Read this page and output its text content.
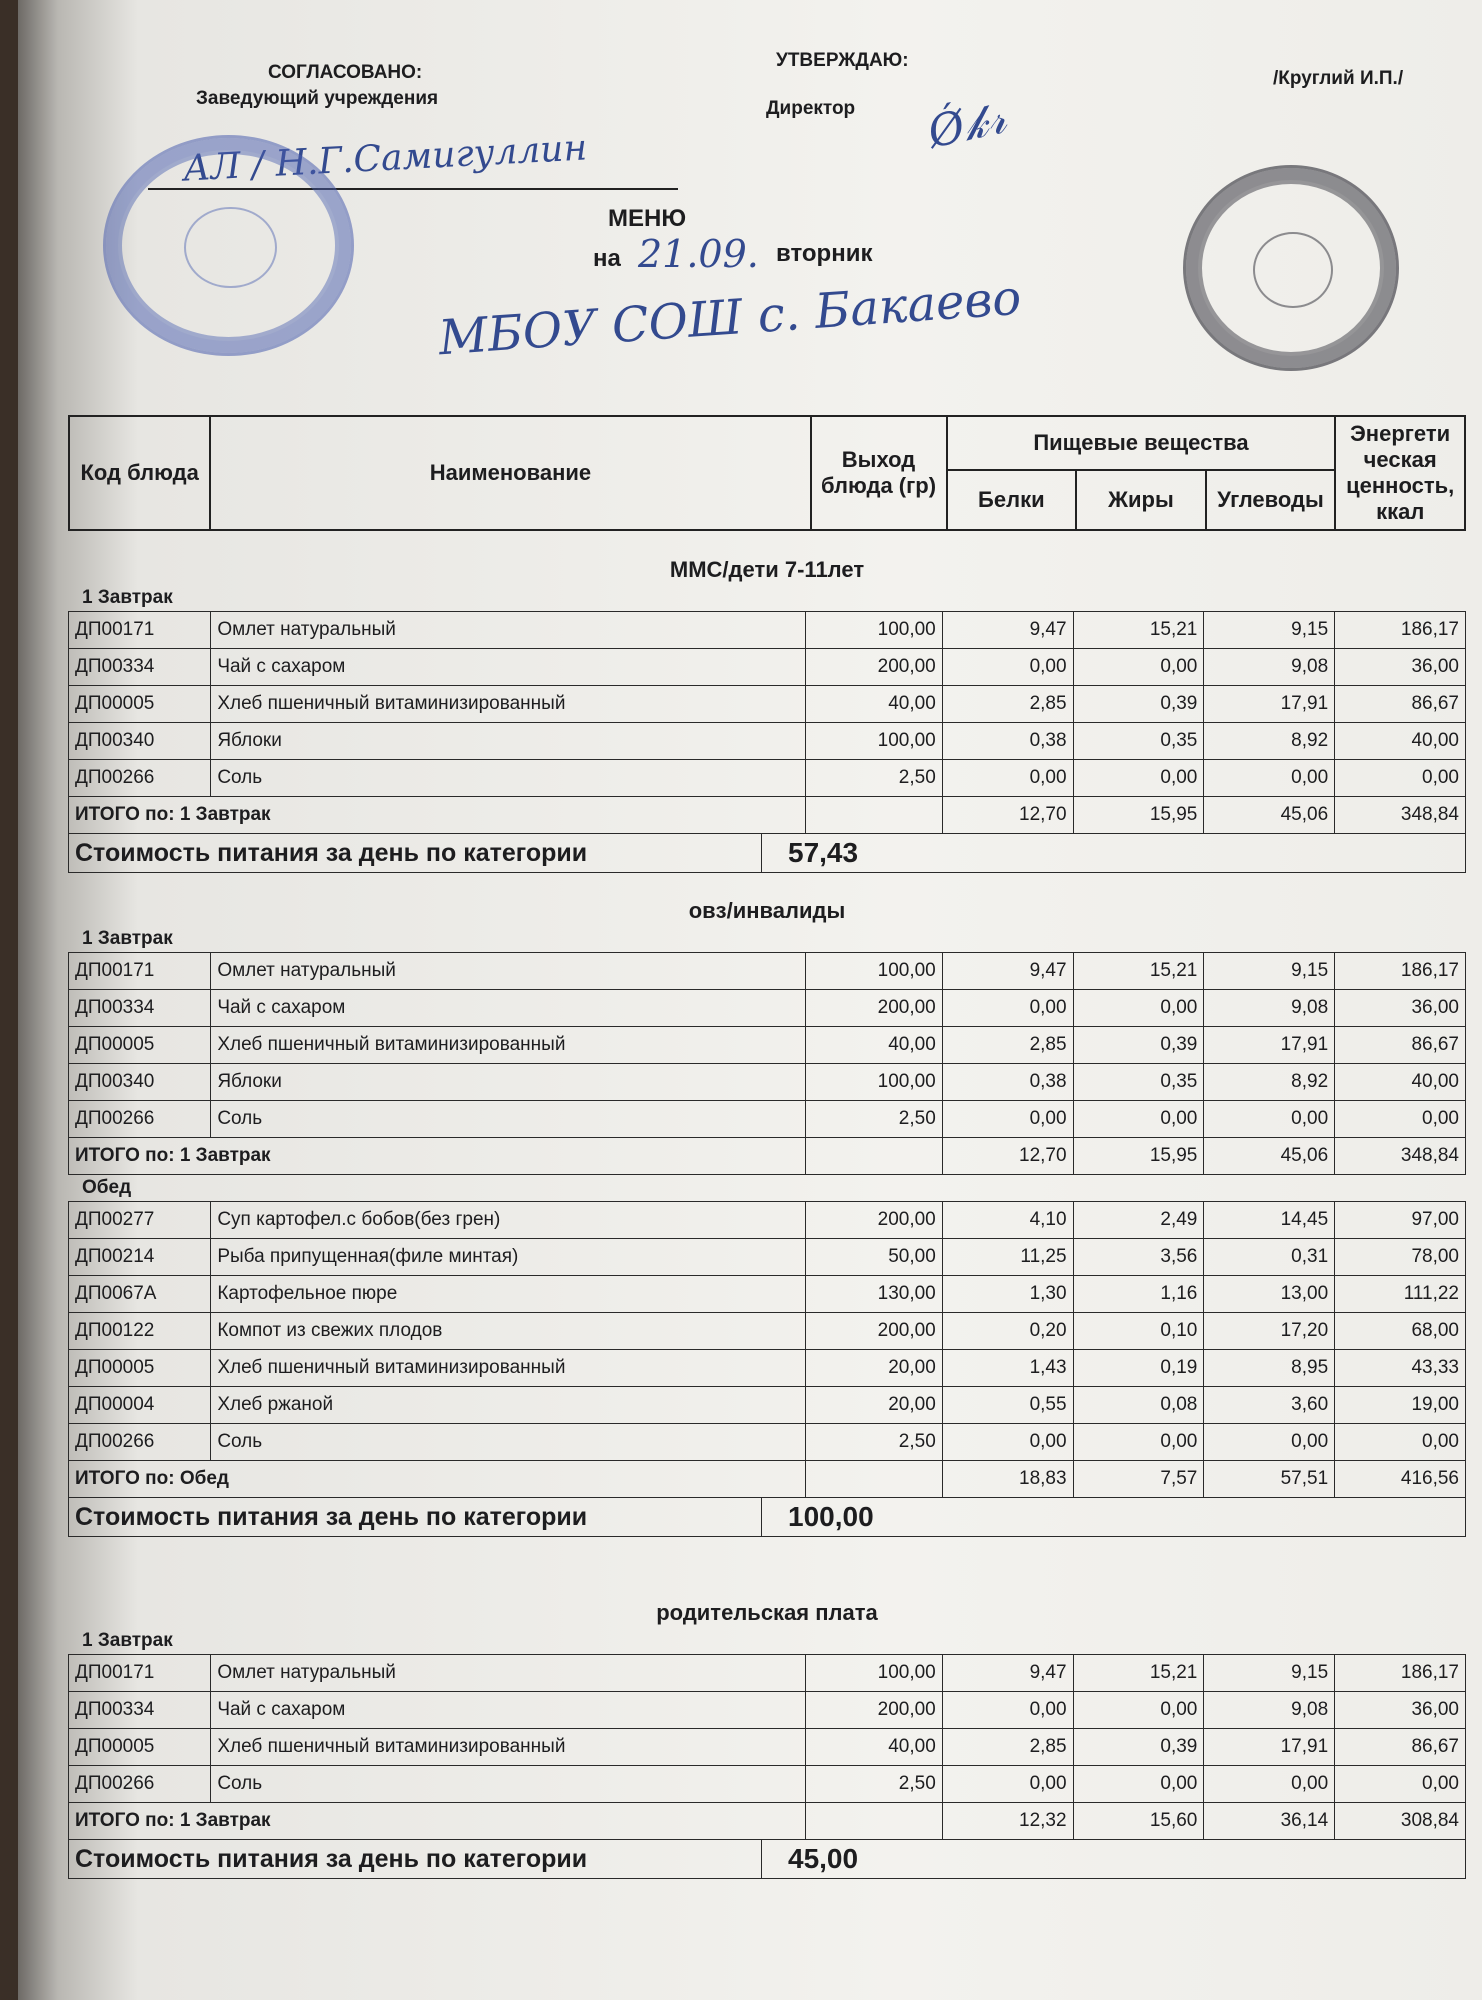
СОГЛАСОВАНО:
Заведующий учреждения
АЛ / Н.Г.Самигуллин
УТВЕРЖДАЮ:
Директор
/Круглий И.П./
Ǿ𝓀𝓇
МЕНЮ
на 21.09. вторник
МБОУ СОШ с. Бакаево
Код блюда	Наименование	Выход блюда (гр)	Пищевые вещества			Энергети ческая ценность, ккал
			Белки	Жиры	Углеводы	
ММС/дети 7-11лет
1 Завтрак
ДП00171	Омлет натуральный	100,00	9,47	15,21	9,15	186,17
ДП00334	Чай с сахаром	200,00	0,00	0,00	9,08	36,00
ДП00005	Хлеб пшеничный витаминизированный	40,00	2,85	0,39	17,91	86,67
ДП00340	Яблоки	100,00	0,38	0,35	8,92	40,00
ДП00266	Соль	2,50	0,00	0,00	0,00	0,00
ИТОГО по: 1 Завтрак			12,70	15,95	45,06	348,84
Стоимость питания за день по категории	57,43
овз/инвалиды
1 Завтрак
ДП00171	Омлет натуральный	100,00	9,47	15,21	9,15	186,17
ДП00334	Чай с сахаром	200,00	0,00	0,00	9,08	36,00
ДП00005	Хлеб пшеничный витаминизированный	40,00	2,85	0,39	17,91	86,67
ДП00340	Яблоки	100,00	0,38	0,35	8,92	40,00
ДП00266	Соль	2,50	0,00	0,00	0,00	0,00
ИТОГО по: 1 Завтрак			12,70	15,95	45,06	348,84
Обед
ДП00277	Суп картофел.с бобов(без грен)	200,00	4,10	2,49	14,45	97,00
ДП00214	Рыба припущенная(филе минтая)	50,00	11,25	3,56	0,31	78,00
ДП0067А	Картофельное пюре	130,00	1,30	1,16	13,00	111,22
ДП00122	Компот из свежих плодов	200,00	0,20	0,10	17,20	68,00
ДП00005	Хлеб пшеничный витаминизированный	20,00	1,43	0,19	8,95	43,33
ДП00004	Хлеб ржаной	20,00	0,55	0,08	3,60	19,00
ДП00266	Соль	2,50	0,00	0,00	0,00	0,00
ИТОГО по: Обед			18,83	7,57	57,51	416,56
Стоимость питания за день по категории	100,00
родительская плата
1 Завтрак
ДП00171	Омлет натуральный	100,00	9,47	15,21	9,15	186,17
ДП00334	Чай с сахаром	200,00	0,00	0,00	9,08	36,00
ДП00005	Хлеб пшеничный витаминизированный	40,00	2,85	0,39	17,91	86,67
ДП00266	Соль	2,50	0,00	0,00	0,00	0,00
ИТОГО по: 1 Завтрак			12,32	15,60	36,14	308,84
Стоимость питания за день по категории	45,00
